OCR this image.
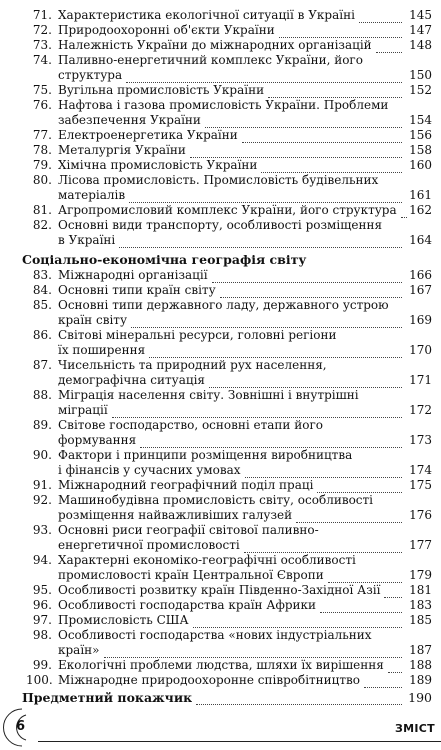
71. Характеристика екологічної ситуації в Україні	145
72. Природоохоронні об'єкти України	147
73. Належність України до міжнародних організацій	148
74. Паливно-енергетичний комплекс України, його
структура	150
75. Вугільна промисловість України	152
76. Нафтова і газова промисловість України. Проблеми
забезпечення України	154
77. Електроенергетика України	156
78. Металургія України	158
79. Хімічна промисловість України	160
80. Лісова промисловість. Промисловість будівельних
матеріалів	161
81. Агропромисловий комплекс України, його структура	162
82. Основні види транспорту, особливості розміщення
в Україні	164
83. Міжнародні організації	166
84. Основні типи країн світу	167
85. Основні типи державного ладу, державного устрою
країн світу	169
86. Світові мінеральні ресурси, головні регіони
їх поширення	170
87. Чисельність та природний рух населення,
демографічна ситуація	171
88. Міграція населення світу. Зовнішні і внутрішні
міграції	172
89. Світове господарство, основні етапи його
формування	173
90. Фактори і принципи розміщення виробництва
і фінансів у сучасних умовах	174
91. Міжнародний географічний поділ праці	175
92. Машинобудівна промисловість світу, особливості
розміщення найважливіших галузей	176
93. Основні риси географії світової паливно-
енергетичної промисловості	177
94. Характерні економіко-географічні особливості
промисловості країн Центральної Європи	179
95. Особливості розвитку країн Південно-Західної Азії	181
96. Особливості господарства країн Африки	183
97. Промисловість США	185
98. Особливості господарства «нових індустріальних
країн»	187
99. Екологічні проблеми людства, шляхи їх вирішення	188
100. Міжнародне природоохоронне співробітництво	189
Соціально-економічна географія світу
Предметний покажчик	190
6	ЗМІСТ
